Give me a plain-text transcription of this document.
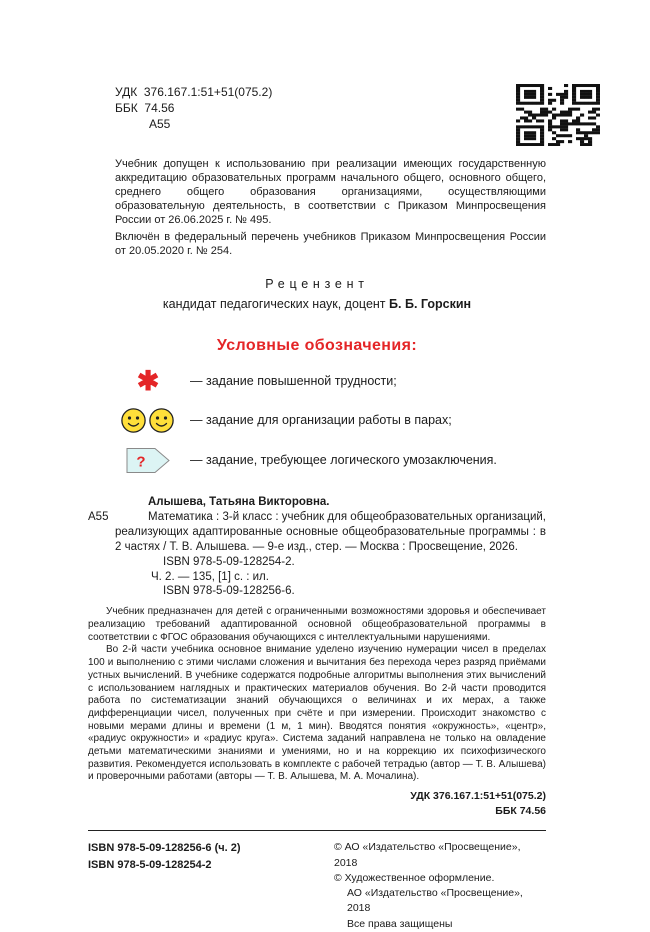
УДК  376.167.1:51+51(075.2)
ББК  74.56
А55

Учебник допущен к использованию при реализации имеющих государственную аккредитацию образовательных программ начального общего, основного общего, среднего общего образования организациями, осуществляющими образовательную деятельность, в соответствии с Приказом Минпросвещения России от 26.06.2025 г. № 495.

Включён в федеральный перечень учебников Приказом Минпросвещения России от 20.05.2020 г. № 254.

Рецензент
кандидат педагогических наук, доцент Б. Б. Горскин
Условные обозначения:
✱ — задание повышенной трудности;
— задание для организации работы в парах;
?	— задание, требующее логического умозаключения.
Алышева, Татьяна Викторовна.
А55	Математика : 3-й класс : учебник для общеобразовательных организаций, реализующих адаптированные основные общеобразовательные программы : в 2 частях / Т. В. Алышева. — 9-е изд., стер. — Москва : Просвещение, 2026.

ISBN 978-5-09-128254-2.
Ч. 2. — 135, [1] с. : ил.
ISBN 978-5-09-128256-6.

Учебник предназначен для детей с ограниченными возможностями здоровья и обеспечивает реализацию требований адаптированной основной общеобразовательной программы в соответствии с ФГОС образования обучающихся с интеллектуальными нарушениями.

Во 2-й части учебника основное внимание уделено изучению нумерации чисел в пределах 100 и выполнению с этими числами сложения и вычитания без перехода через разряд приёмами устных вычислений. В учебнике содержатся подробные алгоритмы выполнения этих вычислений с использованием наглядных и практических материалов обучения. Во 2-й части проводится работа по систематизации знаний обучающихся о величинах и их мерах, а также дифференциации чисел, полученных при счёте и при измерении. Происходит знакомство с новыми мерами длины и времени (1 м, 1 мин). Вводятся понятия «окружность», «центр», «радиус окружности» и «радиус круга». Система заданий направлена не только на овладение детьми математическими знаниями и умениями, но и на коррекцию их психофизического развития. Рекомендуется использовать в комплекте с рабочей тетрадью (автор — Т. В. Алышева) и проверочными работами (авторы — Т. В. Алышева, М. А. Мочалина).

УДК 376.167.1:51+51(075.2)
ББК 74.56
ISBN 978-5-09-128256-6 (ч. 2)
ISBN 978-5-09-128254-2
© АО «Издательство «Просвещение», 2018
© Художественное оформление.
АО «Издательство «Просвещение», 2018
Все права защищены
